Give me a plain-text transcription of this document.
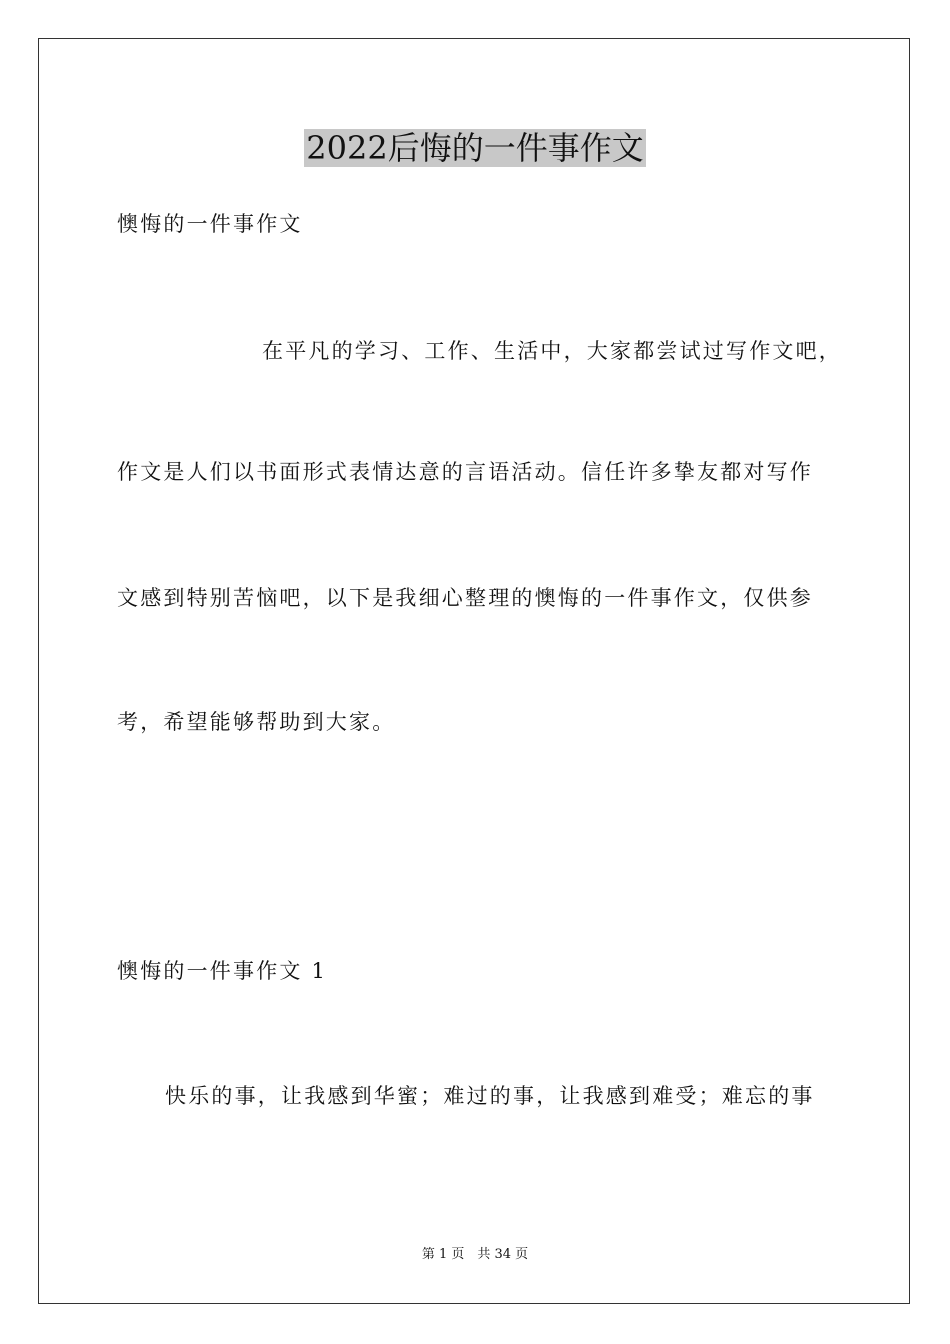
2022后悔的一件事作文
懊悔的一件事作文
在平凡的学习、工作、生活中，大家都尝试过写作文吧，
作文是人们以书面形式表情达意的言语活动。信任许多挚友都对写作
文感到特别苦恼吧，以下是我细心整理的懊悔的一件事作文，仅供参
考，希望能够帮助到大家。
懊悔的一件事作文 1
快乐的事，让我感到华蜜；难过的事，让我感到难受；难忘的事
第 1 页　共 34 页
